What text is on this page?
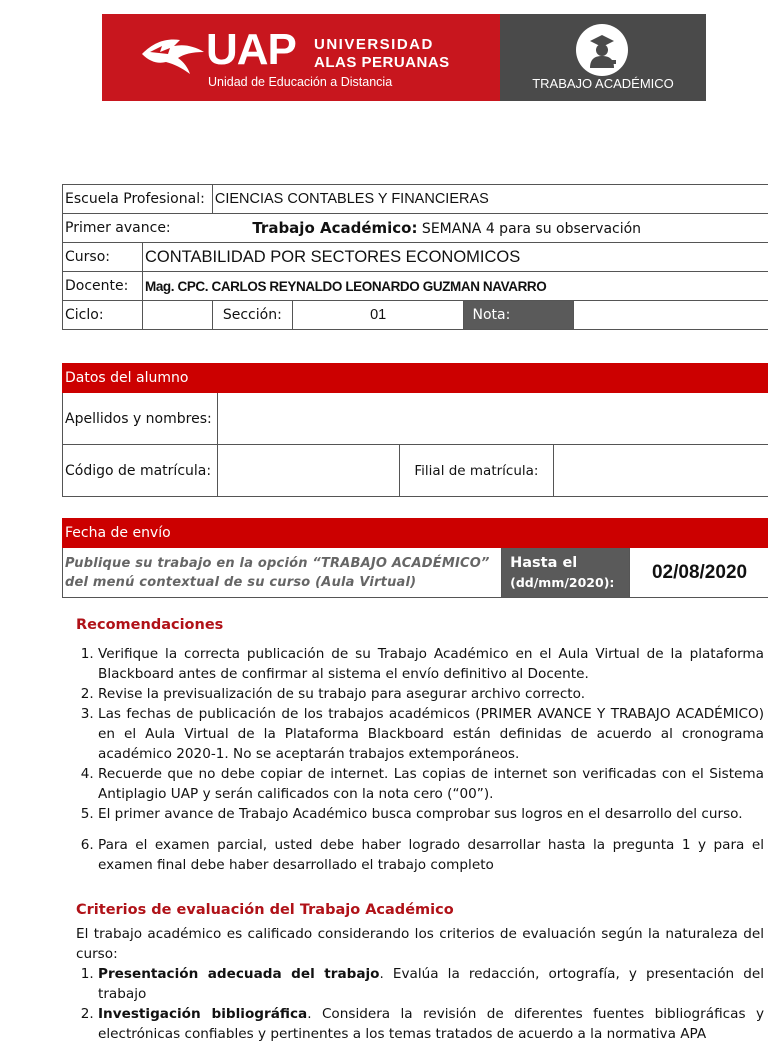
UAP UNIVERSIDAD
ALAS PERUANAS
Unidad de Educación a Distancia	TRABAJO ACADÉMICO
Escuela Profesional:		CIENCIAS CONTABLES Y FINANCIERAS			
Primer avance:		Trabajo Académico: SEMANA 4 para su observación			
Curso:	CONTABILIDAD POR SECTORES ECONOMICOS				
Docente:	Mag. CPC. CARLOS REYNALDO LEONARDO GUZMAN NAVARRO				
Ciclo:		Sección:	01	Nota:	
Datos del alumno			
Apellidos y nombres:			
Código de matrícula:		Filial de matrícula:	
Fecha de envío
Publique su trabajo en la opción “TRABAJO ACADÉMICO” del menú contextual de su curso (Aula Virtual)	
Hasta el
(dd/mm/2020):	02/08/2020
Recomendaciones
1. Verifique la correcta publicación de su Trabajo Académico en el Aula Virtual de la plataforma Blackboard antes de confirmar al sistema el envío definitivo al Docente.
2. Revise la previsualización de su trabajo para asegurar archivo correcto.
3. Las fechas de publicación de los trabajos académicos (PRIMER AVANCE Y TRABAJO ACADÉMICO) en el Aula Virtual de la Plataforma Blackboard están definidas de acuerdo al cronograma académico 2020-1. No se aceptarán trabajos extemporáneos.
4. Recuerde que no debe copiar de internet. Las copias de internet son verificadas con el Sistema Antiplagio UAP y serán calificados con la nota cero (“00”).
5. El primer avance de Trabajo Académico busca comprobar sus logros en el desarrollo del curso.
6. Para el examen parcial, usted debe haber logrado desarrollar hasta la pregunta 1 y para el examen final debe haber desarrollado el trabajo completo
Criterios de evaluación del Trabajo Académico
El trabajo académico es calificado considerando los criterios de evaluación según la naturaleza del curso:
1. Presentación adecuada del trabajo. Evalúa la redacción, ortografía, y presentación del trabajo
2. Investigación bibliográfica. Considera la revisión de diferentes fuentes bibliográficas y electrónicas confiables y pertinentes a los temas tratados de acuerdo a la normativa APA
